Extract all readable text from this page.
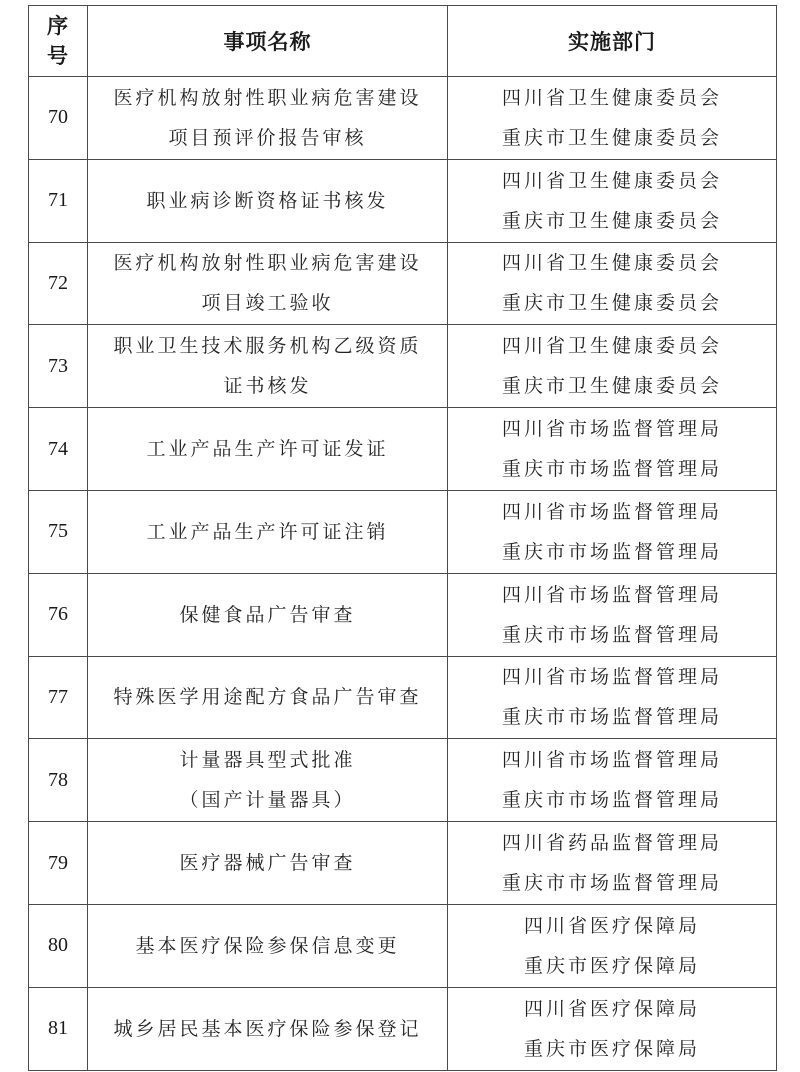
序
号	事项名称	实施部门
70	医疗机构放射性职业病危害建设
项目预评价报告审核	四川省卫生健康委员会
重庆市卫生健康委员会

71	职业病诊断资格证书核发	四川省卫生健康委员会
重庆市卫生健康委员会

72	医疗机构放射性职业病危害建设
项目竣工验收	四川省卫生健康委员会
重庆市卫生健康委员会

73	职业卫生技术服务机构乙级资质
证书核发	四川省卫生健康委员会
重庆市卫生健康委员会

74	工业产品生产许可证发证	四川省市场监督管理局
重庆市市场监督管理局

75	工业产品生产许可证注销	四川省市场监督管理局
重庆市市场监督管理局

76	保健食品广告审查	四川省市场监督管理局
重庆市市场监督管理局

77	特殊医学用途配方食品广告审查	四川省市场监督管理局
重庆市市场监督管理局

78	计量器具型式批准
（国产计量器具）	四川省市场监督管理局
重庆市市场监督管理局

79	医疗器械广告审查	四川省药品监督管理局
重庆市市场监督管理局

80	基本医疗保险参保信息变更	四川省医疗保障局
重庆市医疗保障局

81	城乡居民基本医疗保险参保登记	四川省医疗保障局
重庆市医疗保障局
